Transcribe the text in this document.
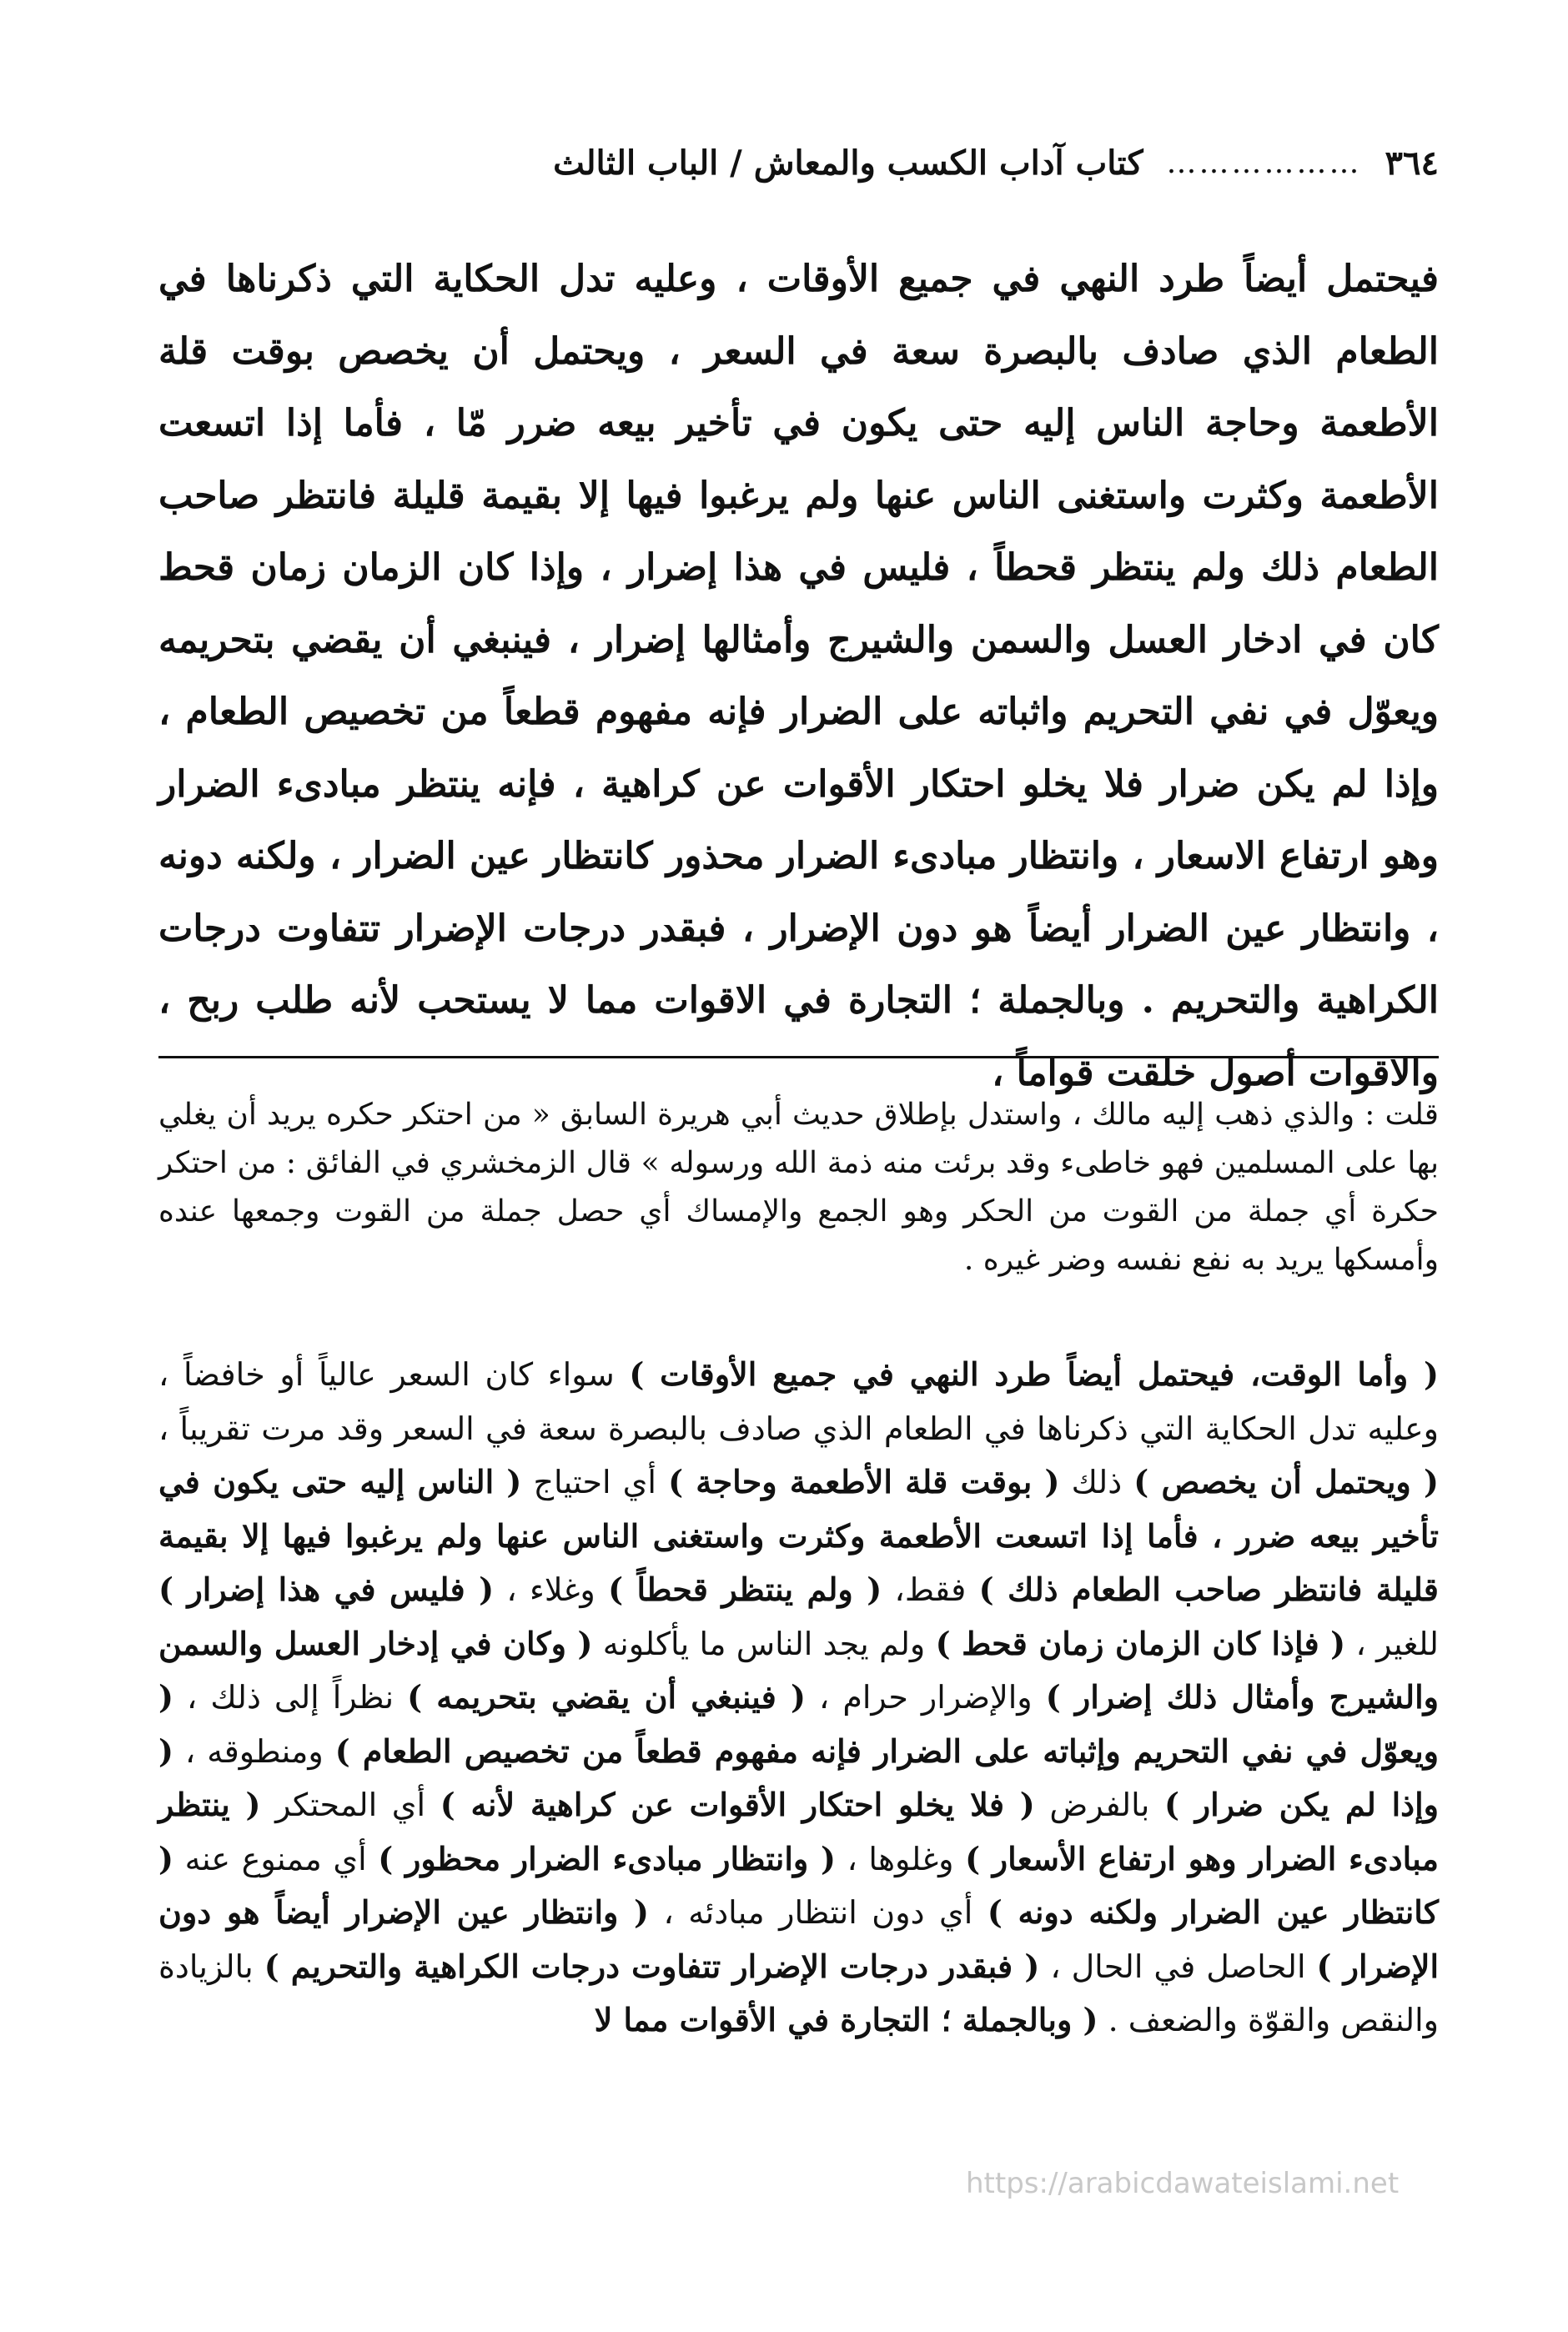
٣٦٤
………………
كتاب آداب الكسب والمعاش / الباب الثالث

فيحتمل أيضاً طرد النهي في جميع الأوقات ، وعليه تدل الحكاية التي ذكرناها في الطعام الذي صادف بالبصرة سعة في السعر ، ويحتمل أن يخصص بوقت قلة الأطعمة وحاجة الناس إليه حتى يكون في تأخير بيعه ضرر مّا ، فأما إذا اتسعت الأطعمة وكثرت واستغنى الناس عنها ولم يرغبوا فيها إلا بقيمة قليلة فانتظر صاحب الطعام ذلك ولم ينتظر قحطاً ، فليس في هذا إضرار ، وإذا كان الزمان زمان قحط كان في ادخار العسل والسمن والشيرج وأمثالها إضرار ، فينبغي أن يقضي بتحريمه ويعوّل في نفي التحريم واثباته على الضرار فإنه مفهوم قطعاً من تخصيص الطعام ، وإذا لم يكن ضرار فلا يخلو احتكار الأقوات عن كراهية ، فإنه ينتظر مبادىء الضرار وهو ارتفاع الاسعار ، وانتظار مبادىء الضرار محذور كانتظار عين الضرار ، ولكنه دونه ، وانتظار عين الضرار أيضاً هو دون الإضرار ، فبقدر درجات الإضرار تتفاوت درجات الكراهية والتحريم . وبالجملة ؛ التجارة في الاقوات مما لا يستحب لأنه طلب ربح ، والاقوات أصول خلقت قواماً ،

قلت : والذي ذهب إليه مالك ، واستدل بإطلاق حديث أبي هريرة السابق « من احتكر حكره يريد أن يغلي بها على المسلمين فهو خاطىء وقد برئت منه ذمة الله ورسوله » قال الزمخشري في الفائق : من احتكر حكرة أي جملة من القوت من الحكر وهو الجمع والإمساك أي حصل جملة من القوت وجمعها عنده وأمسكها يريد به نفع نفسه وضر غيره .

( وأما الوقت، فيحتمل أيضاً طرد النهي في جميع الأوقات ) سواء كان السعر عالياً أو خافضاً ، وعليه تدل الحكاية التي ذكرناها في الطعام الذي صادف بالبصرة سعة في السعر وقد مرت تقريباً ، ( ويحتمل أن يخصص ) ذلك ( بوقت قلة الأطعمة وحاجة ) أي احتياج ( الناس إليه حتى يكون في تأخير بيعه ضرر ، فأما إذا اتسعت الأطعمة وكثرت واستغنى الناس عنها ولم يرغبوا فيها إلا بقيمة قليلة فانتظر صاحب الطعام ذلك ) فقط، ( ولم ينتظر قحطاً ) وغلاء ، ( فليس في هذا إضرار ) للغير ، ( فإذا كان الزمان زمان قحط ) ولم يجد الناس ما يأكلونه ( وكان في إدخار العسل والسمن والشيرج وأمثال ذلك إضرار ) والإضرار حرام ، ( فينبغي أن يقضي بتحريمه ) نظراً إلى ذلك ، ( ويعوّل في نفي التحريم وإثباته على الضرار فإنه مفهوم قطعاً من تخصيص الطعام ) ومنطوقه ، ( وإذا لم يكن ضرار ) بالفرض ( فلا يخلو احتكار الأقوات عن كراهية لأنه ) أي المحتكر ( ينتظر مبادىء الضرار وهو ارتفاع الأسعار ) وغلوها ، ( وانتظار مبادىء الضرار محظور ) أي ممنوع عنه ( كانتظار عين الضرار ولكنه دونه ) أي دون انتظار مبادئه ، ( وانتظار عين الإضرار أيضاً هو دون الإضرار ) الحاصل في الحال ، ( فبقدر درجات الإضرار تتفاوت درجات الكراهية والتحريم ) بالزيادة والنقص والقوّة والضعف . ( وبالجملة ؛ التجارة في الأقوات مما لا

https://arabicdawateislami.net
